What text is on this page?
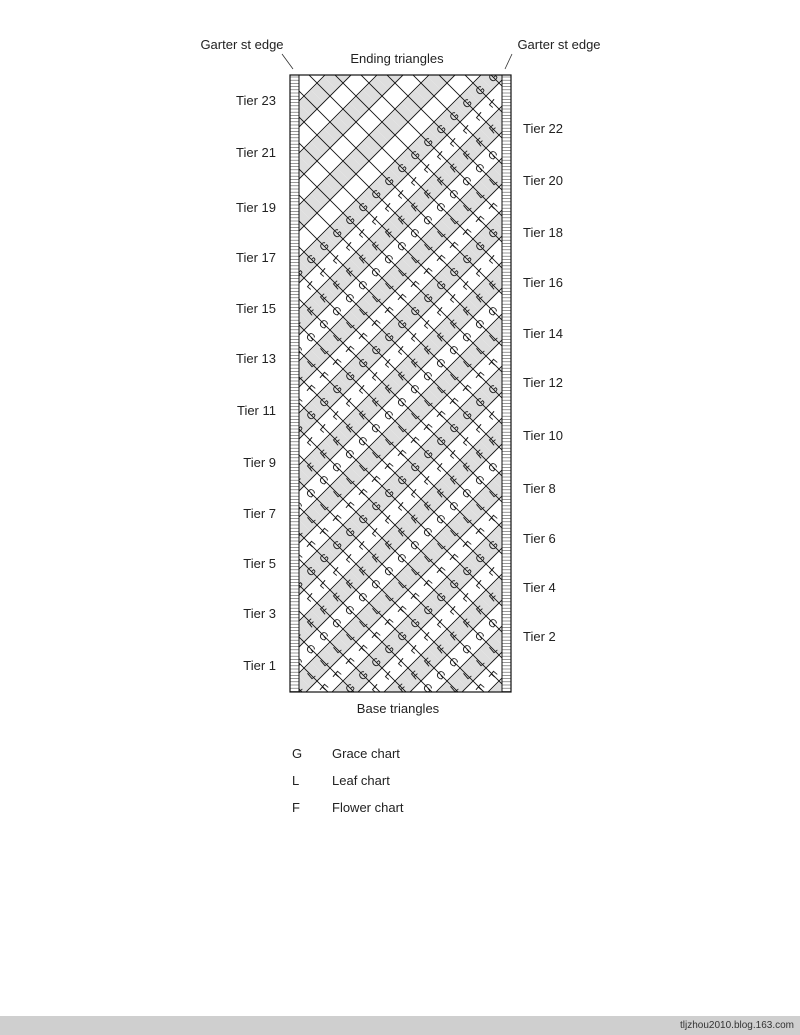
G
F
F
F
L
G
G
G
G
G
G
G
F
L
L
L
L
L
L
L
L
L
L
L
G
F
F
F
F
F
F
F
F
F
F
F
F
F
F
F
G
G
G
G
G
G
G
G
G
G
G
G
G
G
G
L
L
L
L
L
L
L
L
L
L
L
L
L
L
L
F
F
F
F
F
F
F
F
F
F
F
F
F
F
F
G
G
G
G
G
G
G
G
G
G
G
G
G
G
G
L
L
L
L
L
L
L
L
L
L
L
L
L
L
L
F
F
F
F
F
F
F
F
F
F
F
F
F
F
F
G
G
G
G
G
G
G
G
G
G
G
G
G
G
G
L
L
L
L
L
L
L
L
L
L
L
L
L
L
L
Garter st edge	Garter st edge
Ending triangles
Base triangles
Tier 23
Tier 21
Tier 19
Tier 17
Tier 15
Tier 13
Tier 11
Tier 9
Tier 7
Tier 5
Tier 3
Tier 1
Tier 22
Tier 20
Tier 18
Tier 16
Tier 14
Tier 12
Tier 10
Tier 8
Tier 6
Tier 4
Tier 2
G	Grace chart
L	Leaf chart
F	Flower chart
tljzhou2010.blog.163.com
